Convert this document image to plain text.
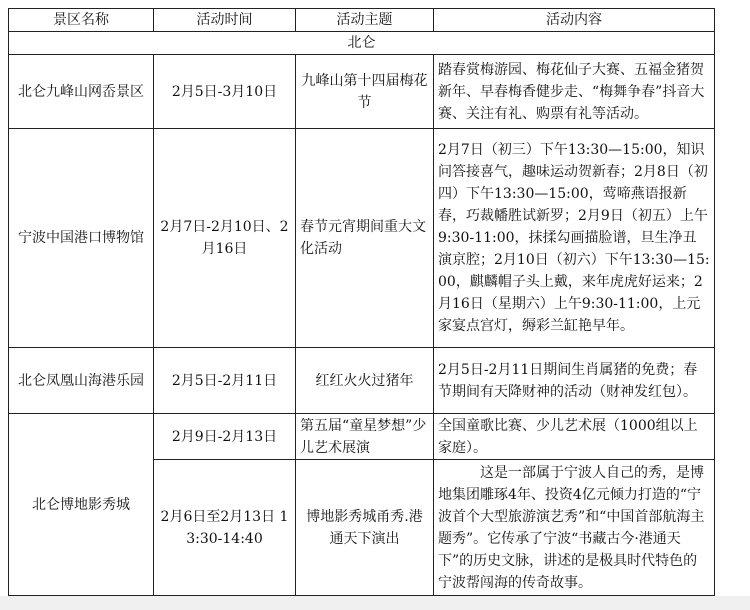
景区名称	活动时间	活动主题	活动内容
北仑			
北仑九峰山网岙景区	2月5日-3月10日	九峰山第十四届梅花节	踏春赏梅游园、梅花仙子大赛、五福金猪贺新年、早春梅香健步走、“梅舞争春”抖音大赛、关注有礼、购票有礼等活动。
宁波中国港口博物馆	2月7日-2月10日、2月16日	春节元宵期间重大文化活动	2月7日（初三）下午13:30—15:00，知识问答接喜气，趣味运动贺新春；2月8日（初四）下午13:30—15:00，莺啼燕语报新春，巧裁幡胜试新罗；2月9日（初五）上午9:30-11:00，抹揉勾画描脸谱，旦生净丑演京腔；2月10日（初六）下午13:30—15:00，麒麟帽子头上戴，来年虎虎好运来；2月16日（星期六）上午9:30-11:00，上元家宴点宫灯，缛彩兰缸艳早年。
北仑凤凰山海港乐园	2月5日-2月11日	红红火火过猪年	2月5日-2月11日期间生肖属猪的免费；春节期间有天降财神的活动（财神发红包）。
北仑博地影秀城	2月9日-2月13日	第五届“童星梦想”少儿艺术展演	全国童歌比赛、少儿艺术展（1000组以上家庭）。
	2月6日至2月13日 13:30-14:40	博地影秀城甬秀.港通天下演出	这是一部属于宁波人自己的秀，是博地集团雕琢4年、投资4亿元倾力打造的“宁波首个大型旅游演艺秀”和“中国首部航海主题秀”。它传承了宁波“书藏古今·港通天下”的历史文脉，讲述的是极具时代特色的宁波帮闯海的传奇故事。
